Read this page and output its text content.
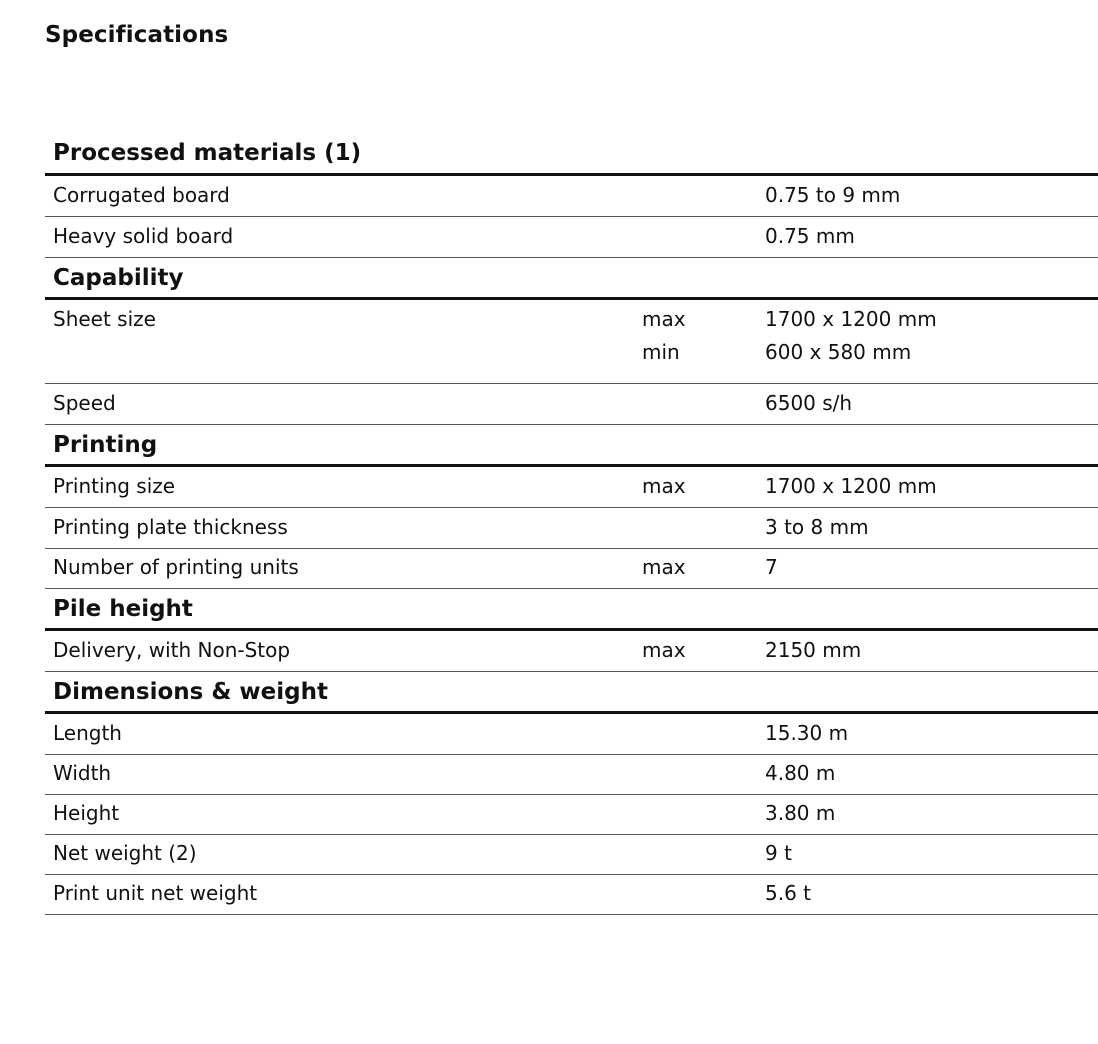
Specifications
Processed materials (1)
Corrugated board	0.75 to 9 mm
Heavy solid board	0.75 mm
Capability
Sheet size	max	1700 x 1200 mm
min	600 x 580 mm
Speed	6500 s/h
Printing
Printing size	max	1700 x 1200 mm
Printing plate thickness	3 to 8 mm
Number of printing units	max	7
Pile height
Delivery, with Non-Stop	max	2150 mm
Dimensions & weight
Length	15.30 m
Width	4.80 m
Height	3.80 m
Net weight (2)	9 t
Print unit net weight	5.6 t
